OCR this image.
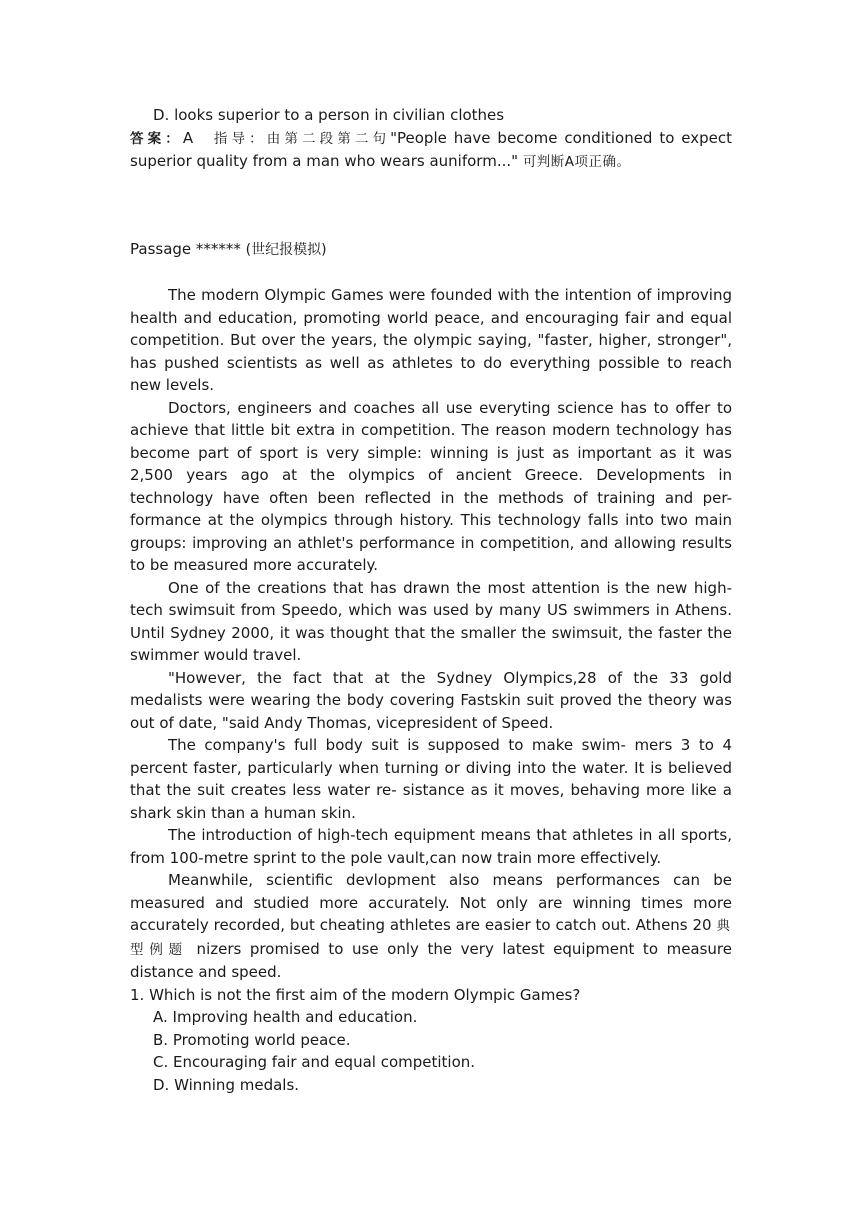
D. looks superior to a person in civilian clothes

答案：A 指导：由第二段第二句"People have become conditioned to expect superior quality from a man who wears auniform..." 可判断A项正确。

Passage ****** (世纪报模拟)

The modern Olympic Games were founded with the intention of improving health and education, promoting world peace, and encouraging fair and equal competition. But over the years, the olympic saying, "faster, higher, stronger", has pushed scientists as well as athletes to do everything possible to reach new levels.

Doctors, engineers and coaches all use everyting science has to offer to achieve that little bit extra in competition. The reason modern technology has become part of sport is very simple: winning is just as important as it was 2,500 years ago at the olympics of ancient Greece. Developments in technology have often been reflected in the methods of training and per- formance at the olympics through history. This technology falls into two main groups: improving an athlet's performance in competition, and allowing results to be measured more accurately.

One of the creations that has drawn the most attention is the new high-tech swimsuit from Speedo, which was used by many US swimmers in Athens. Until Sydney 2000, it was thought that the smaller the swimsuit, the faster the swimmer would travel.

"However, the fact that at the Sydney Olympics,28 of the 33 gold medalists were wearing the body covering Fastskin suit proved the theory was out of date, "said Andy Thomas, vicepresident of Speed.

The company's full body suit is supposed to make swim- mers 3 to 4 percent faster, particularly when turning or diving into the water. It is believed that the suit creates less water re- sistance as it moves, behaving more like a shark skin than a human skin.

The introduction of high-tech equipment means that athletes in all sports, from 100-metre sprint to the pole vault,can now train more effectively.

Meanwhile, scientific devlopment also means performances can be measured and studied more accurately. Not only are winning times more accurately recorded, but cheating athletes are easier to catch out. Athens 20 典型例题 nizers promised to use only the very latest equipment to measure distance and speed.

1. Which is not the first aim of the modern Olympic Games?

A. Improving health and education.

B. Promoting world peace.

C. Encouraging fair and equal competition.

D. Winning medals.
